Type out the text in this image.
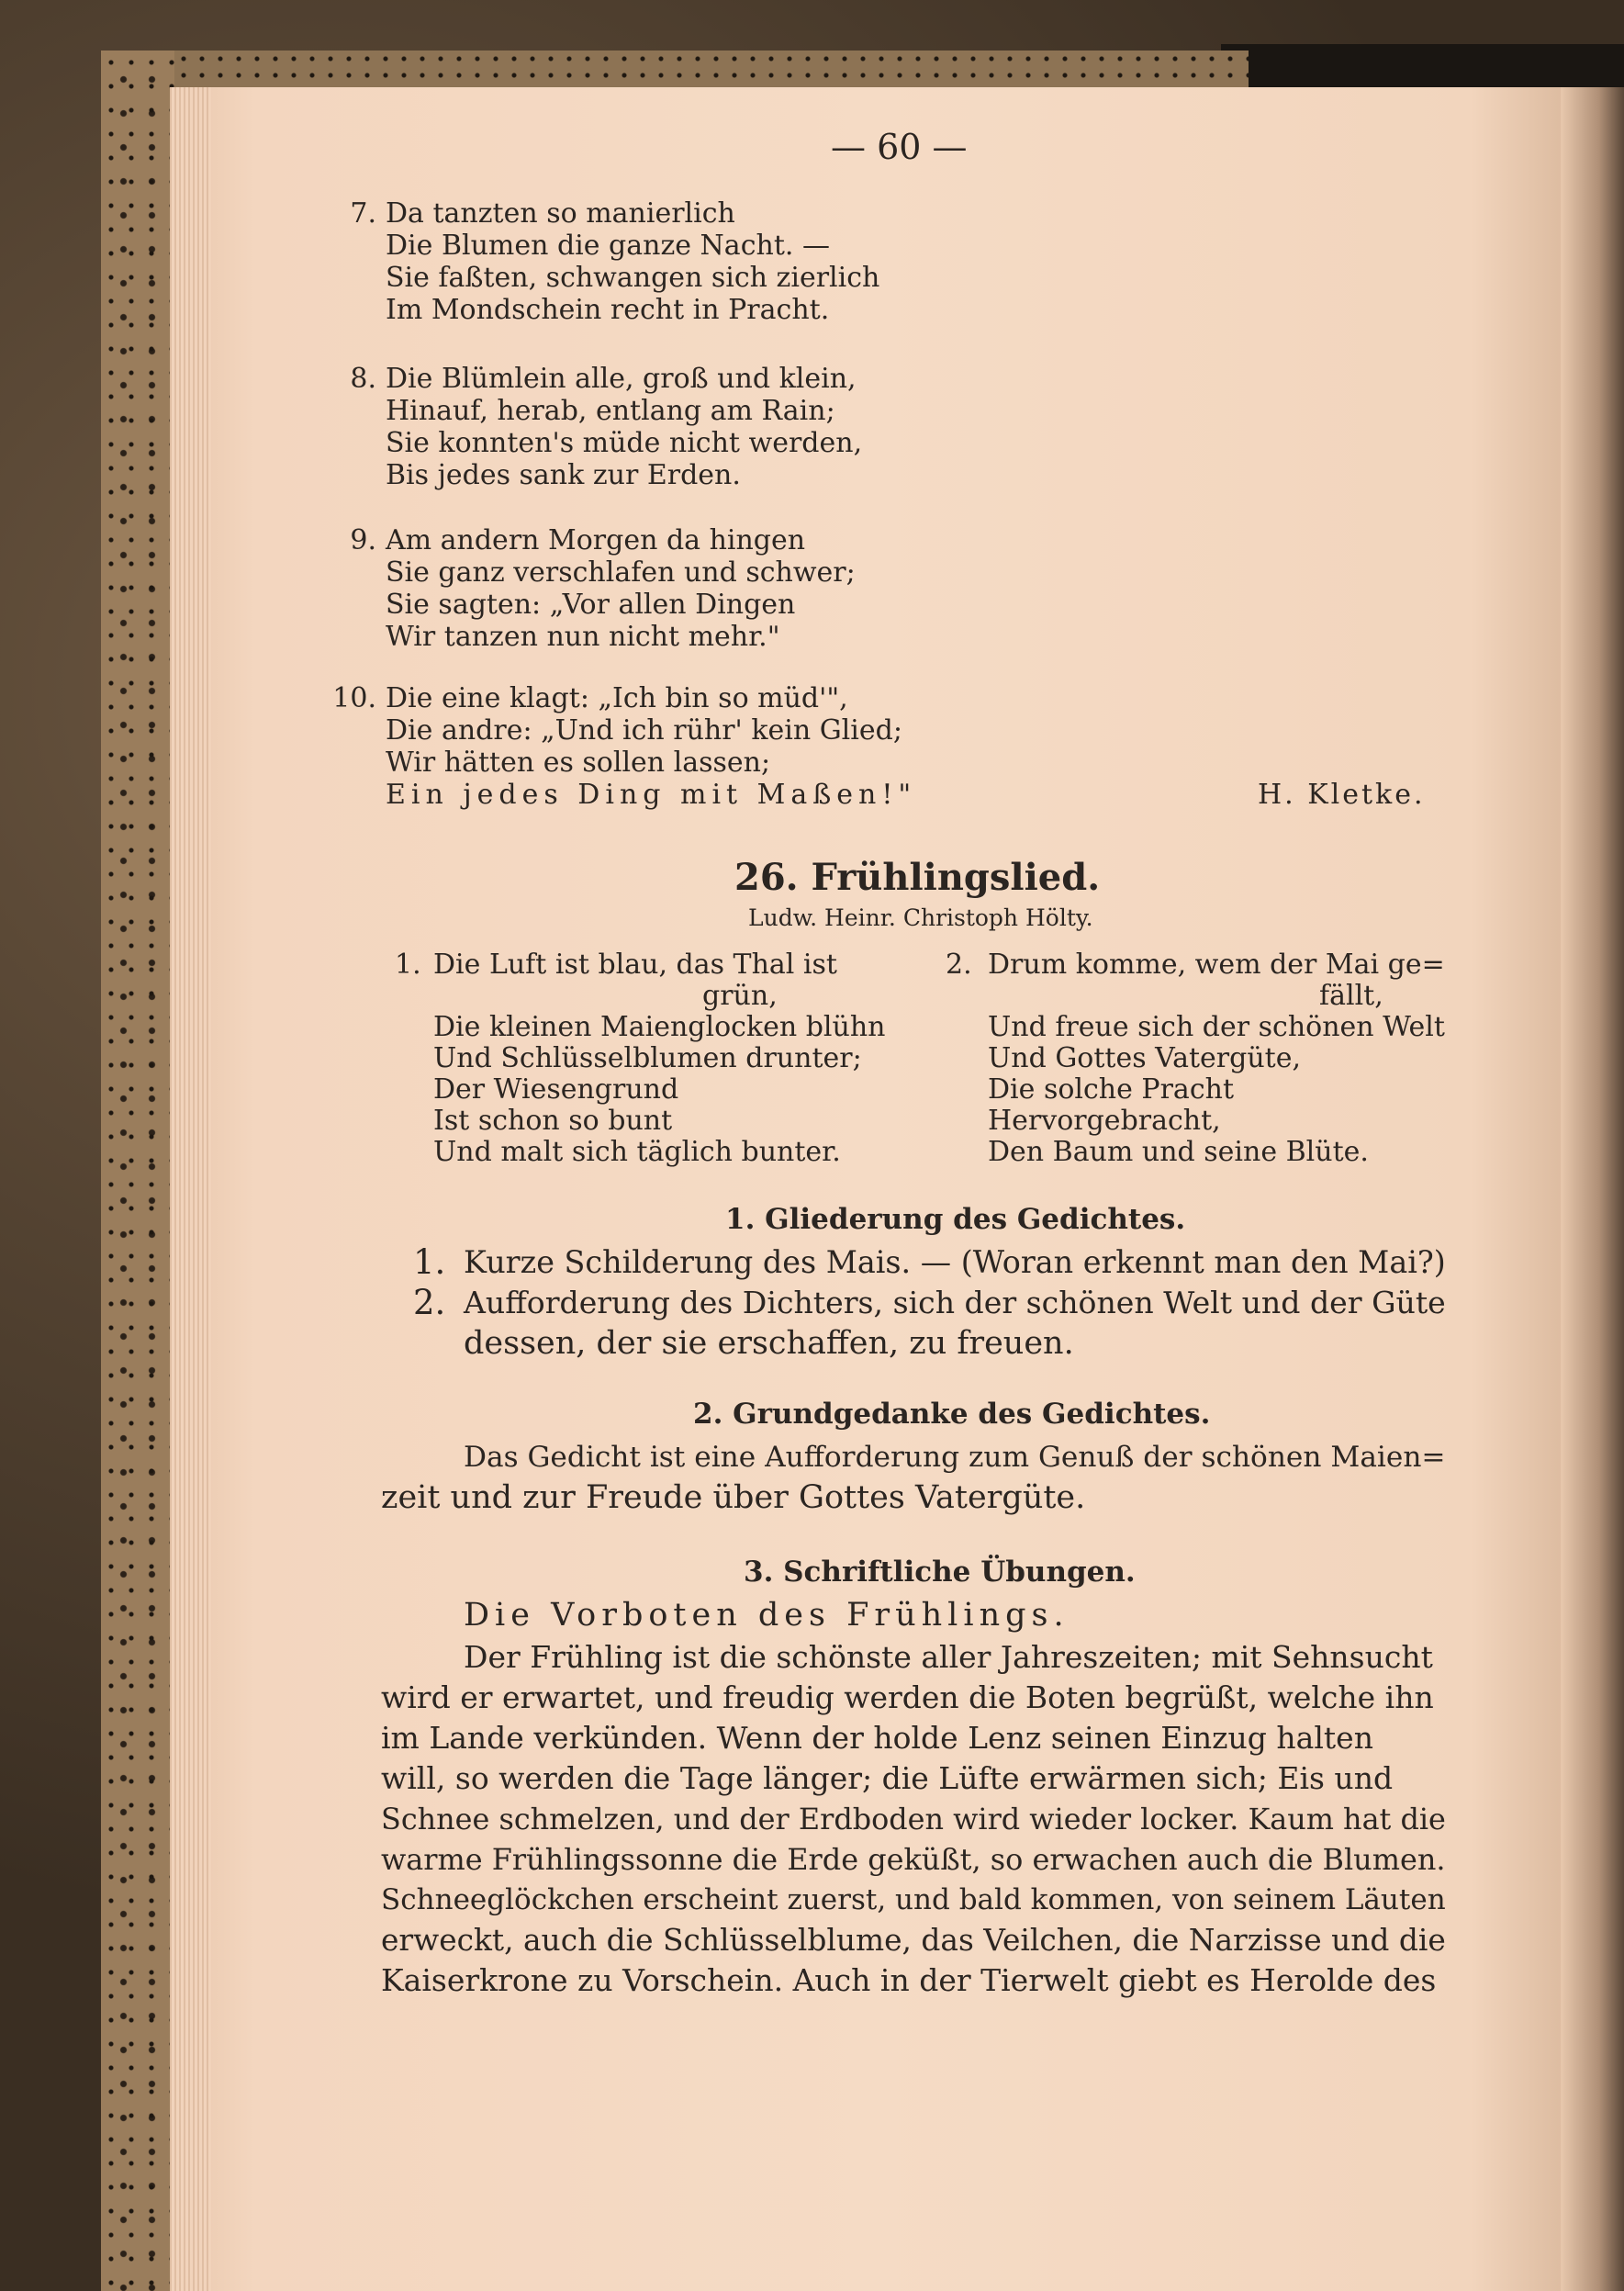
— 60 —
7. Da tanzten so manierlich
Die Blumen die ganze Nacht. —
Sie faßten, schwangen sich zierlich
Im Mondschein recht in Pracht.
8. Die Blümlein alle, groß und klein,
Hinauf, herab, entlang am Rain;
Sie konnten's müde nicht werden,
Bis jedes sank zur Erden.
9. Am andern Morgen da hingen
Sie ganz verschlafen und schwer;
Sie sagten: „Vor allen Dingen
Wir tanzen nun nicht mehr."
10. Die eine klagt: „Ich bin so müd'",
Die andre: „Und ich rühr' kein Glied;
Wir hätten es sollen lassen;
Ein jedes Ding mit Maßen!"	H. Kletke.
26. Frühlingslied.
Ludw. Heinr. Christoph Hölty.
1. Die Luft ist blau, das Thal ist
grün,
Die kleinen Maienglocken blühn
Und Schlüsselblumen drunter;
Der Wiesengrund
Ist schon so bunt
Und malt sich täglich bunter.
2. Drum komme, wem der Mai ge=
fällt,
Und freue sich der schönen Welt
Und Gottes Vatergüte,
Die solche Pracht
Hervorgebracht,
Den Baum und seine Blüte.
1. Gliederung des Gedichtes.
1. Kurze Schilderung des Mais. — (Woran erkennt man den Mai?)
2. Aufforderung des Dichters, sich der schönen Welt und der Güte
dessen, der sie erschaffen, zu freuen.
2. Grundgedanke des Gedichtes.
Das Gedicht ist eine Aufforderung zum Genuß der schönen Maien=
zeit und zur Freude über Gottes Vatergüte.
3. Schriftliche Übungen.
Die Vorboten des Frühlings.
Der Frühling ist die schönste aller Jahreszeiten; mit Sehnsucht
wird er erwartet, und freudig werden die Boten begrüßt, welche ihn
im Lande verkünden. Wenn der holde Lenz seinen Einzug halten
will, so werden die Tage länger; die Lüfte erwärmen sich; Eis und
Schnee schmelzen, und der Erdboden wird wieder locker. Kaum hat die
warme Frühlingssonne die Erde geküßt, so erwachen auch die Blumen.
Schneeglöckchen erscheint zuerst, und bald kommen, von seinem Läuten
erweckt, auch die Schlüsselblume, das Veilchen, die Narzisse und die
Kaiserkrone zu Vorschein. Auch in der Tierwelt giebt es Herolde des
